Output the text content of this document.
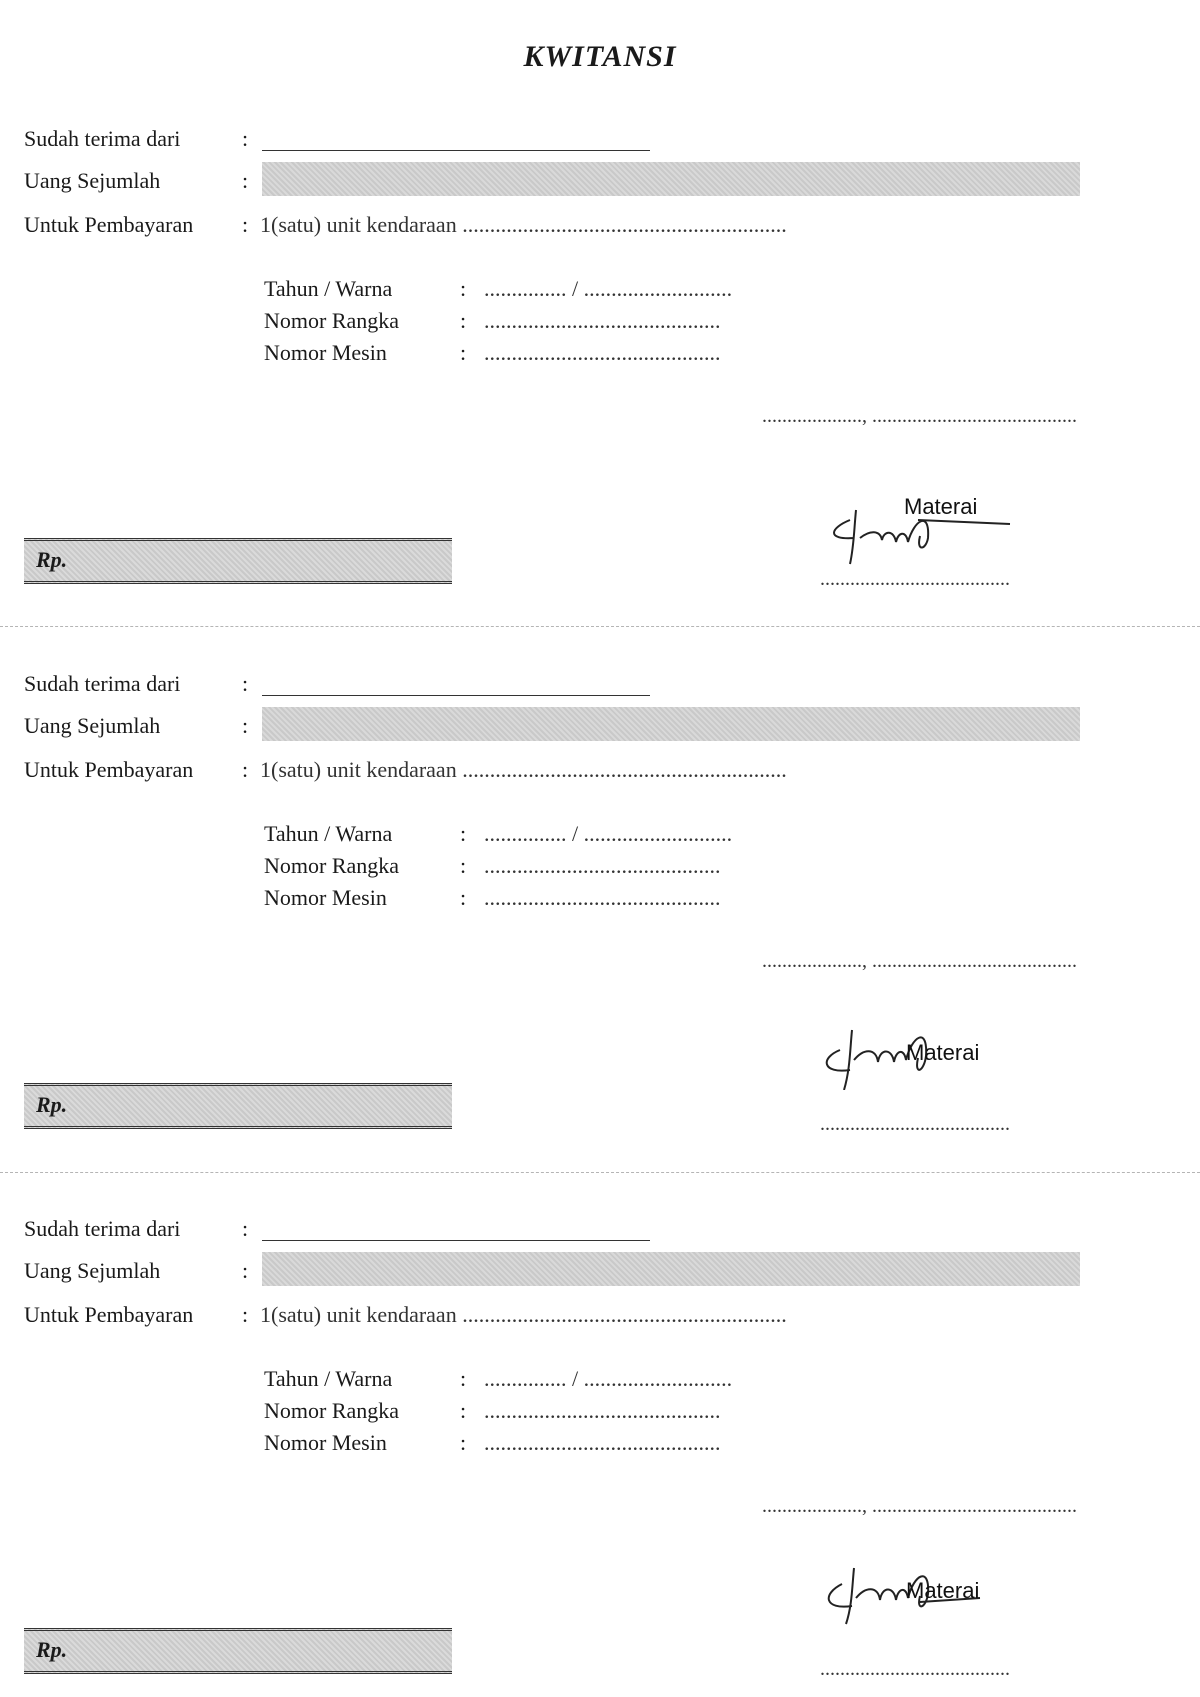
KWITANSI
Sudah terima dari	:
Uang Sejumlah	:
Untuk Pembayaran : 1(satu) unit kendaraan ...........................................................
Tahun / Warna	: ............... / ...........................
Nomor Rangka	: ...........................................
Nomor Mesin	: ...........................................
...................., .........................................
Materai
......................................
Rp.
Sudah terima dari	:
Uang Sejumlah	:
Untuk Pembayaran : 1(satu) unit kendaraan ...........................................................
Tahun / Warna	: ............... / ...........................
Nomor Rangka	: ...........................................
Nomor Mesin	: ...........................................
...................., .........................................
Materai
......................................
Rp.
Sudah terima dari	:
Uang Sejumlah	:
Untuk Pembayaran : 1(satu) unit kendaraan ...........................................................
Tahun / Warna	: ............... / ...........................
Nomor Rangka	: ...........................................
Nomor Mesin	: ...........................................
...................., .........................................
Materai
......................................
Rp.
